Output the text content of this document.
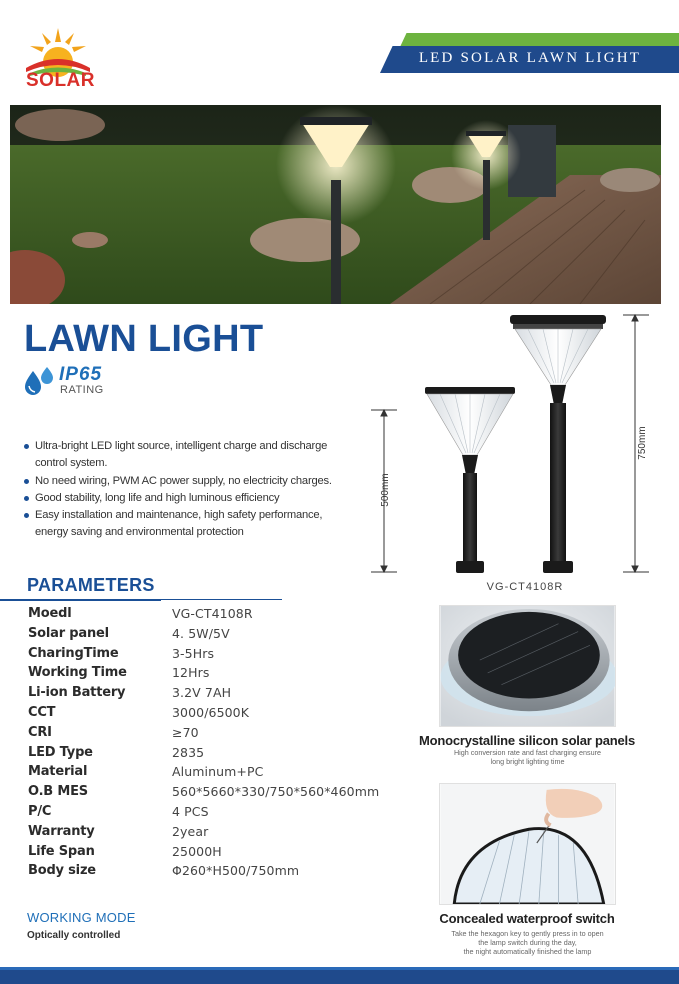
SOLAR
LED SOLAR LAWN LIGHT
LAWN LIGHT
IP65
RATING
Ultra-bright LED light source, intelligent charge and discharge control system.
No need wiring, PWM AC power supply, no electricity charges.
Good stability, long life and high luminous efficiency
Easy installation and maintenance, high safety performance, energy saving and environmental protection
500mm
750mm
VG-CT4108R
PARAMETERS
Moedl	VG-CT4108R
Solar panel	4. 5W/5V
CharingTime	3-5Hrs
Working Time	12Hrs
Li-ion Battery	3.2V 7AH
CCT	3000/6500K
CRI	≥70
LED Type	2835
Material	Aluminum+PC
O.B MES	560*5660*330/750*560*460mm
P/C	4 PCS
Warranty	2year
Life Span	25000H
Body size	Φ260*H500/750mm
WORKING MODE
Optically controlled
Monocrystalline silicon solar panels
High conversion rate and fast charging ensure
long bright lighting time
Concealed waterproof switch
Take the hexagon key to gently press in to open
the lamp switch during the day,
the night automatically finished the lamp
